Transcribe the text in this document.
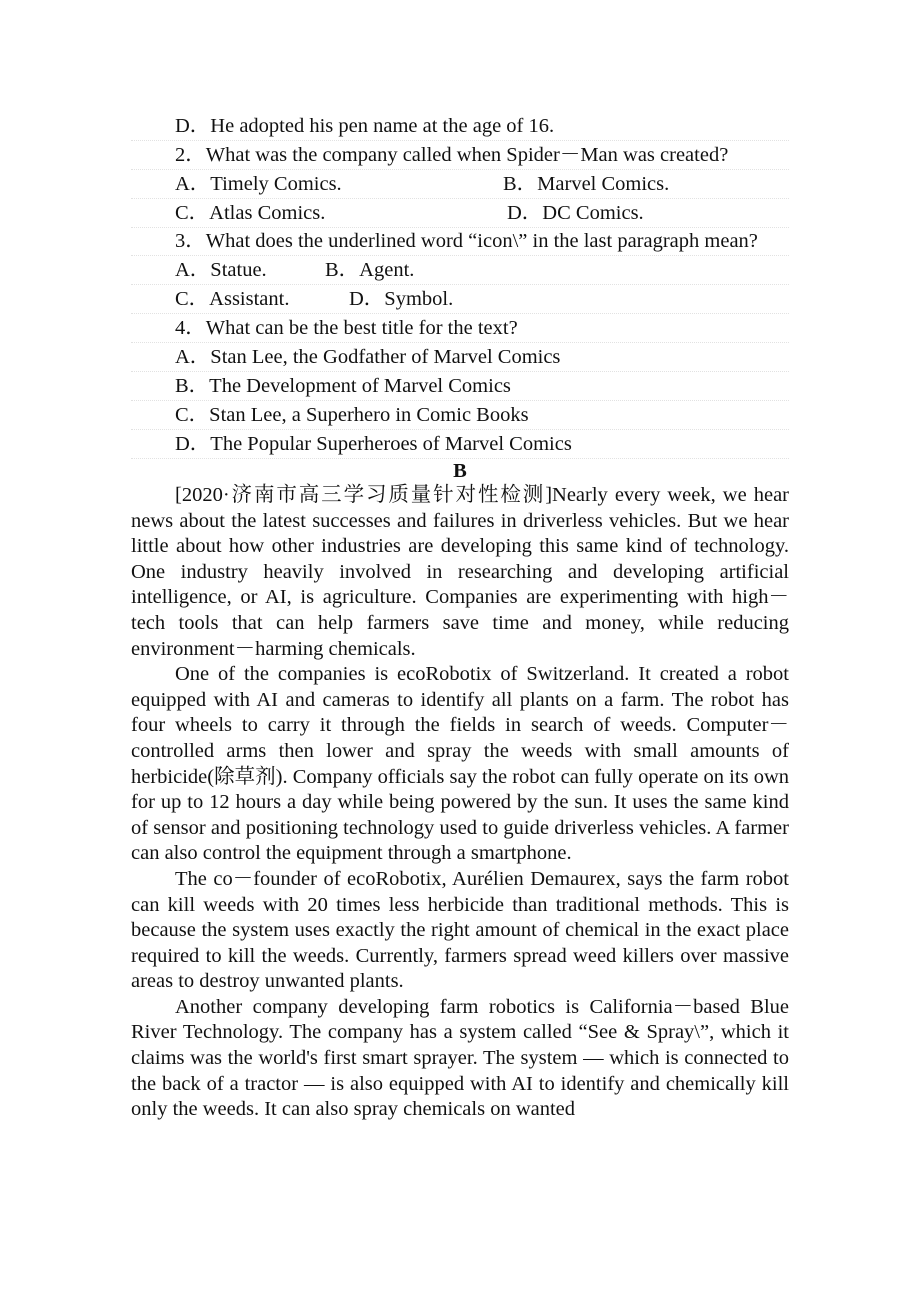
D．He adopted his pen name at the age of 16.
2．What was the company called when Spider－Man was created?
A．Timely Comics.	B．Marvel Comics.
C．Atlas Comics.	D．DC Comics.
3．What does the underlined word “icon\” in the last paragraph mean?
A．Statue.	B．Agent.
C．Assistant.	D．Symbol.
4．What can be the best title for the text?
A．Stan Lee, the Godfather of Marvel Comics
B．The Development of Marvel Comics
C．Stan Lee, a Superhero in Comic Books
D．The Popular Superheroes of Marvel Comics
B

[2020·济南市高三学习质量针对性检测]Nearly every week, we hear news about the latest successes and failures in driverless vehicles. But we hear little about how other industries are developing this same kind of technology. One industry heavily involved in researching and developing artificial intelligence, or AI, is agriculture. Companies are experimenting with high－tech tools that can help farmers save time and money, while reducing environment－harming chemicals.

One of the companies is ecoRobotix of Switzerland. It created a robot equipped with AI and cameras to identify all plants on a farm. The robot has four wheels to carry it through the fields in search of weeds. Computer－controlled arms then lower and spray the weeds with small amounts of herbicide(除草剂). Company officials say the robot can fully operate on its own for up to 12 hours a day while being powered by the sun. It uses the same kind of sensor and positioning technology used to guide driverless vehicles. A farmer can also control the equipment through a smartphone.

The co－founder of ecoRobotix, Aurélien Demaurex, says the farm robot can kill weeds with 20 times less herbicide than traditional methods. This is because the system uses exactly the right amount of chemical in the exact place required to kill the weeds. Currently, farmers spread weed killers over massive areas to destroy unwanted plants.

Another company developing farm robotics is California－based Blue River Technology. The company has a system called “See & Spray\”, which it claims was the world's first smart sprayer. The system — which is connected to the back of a tractor — is also equipped with AI to identify and chemically kill only the weeds. It can also spray chemicals on wanted
